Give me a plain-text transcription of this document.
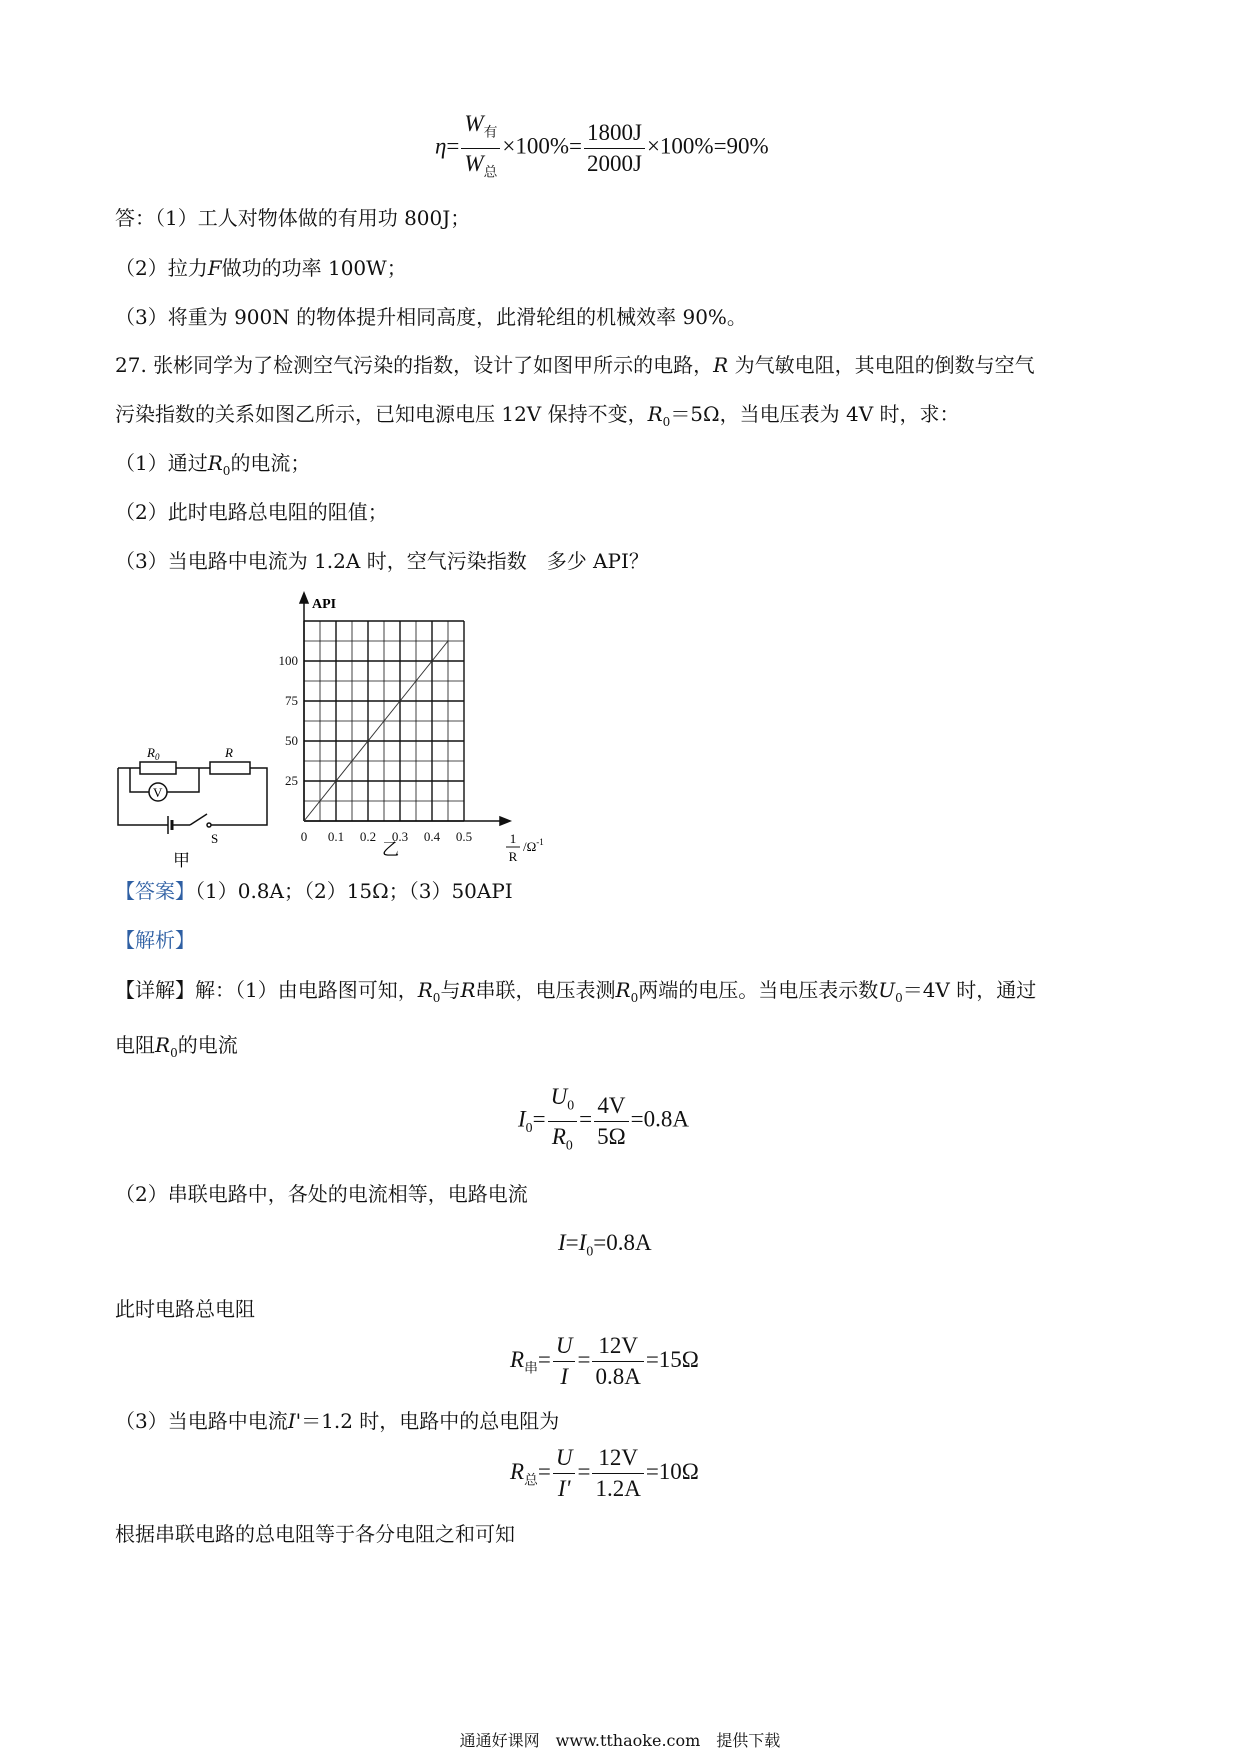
$\eta= \frac{W_有}{W_总} \times 100\%= \frac{1800J}{2000J} \times 100\%=90\%$
答：（1）工人对物体做的有用功 800J；
（2）拉力F做功的功率 100W；
（3）将重为 900N 的物体提升相同高度，此滑轮组的机械效率 90%。
27. 张彬同学为了检测空气污染的指数，设计了如图甲所示的电路，R 为气敏电阻，其电阻的倒数与空气
污染指数的关系如图乙所示，已知电源电压 12V 保持不变，$R_0=5\Omega$，当电压表为 4V 时，求：
（1）通过$R_0$的电流；
（2）此时电路总电阻的阻值；
（3）当电路中电流为 1.2A 时，空气污染指数　多少 API？
$R_0$	R
V
S
甲
0 0.1 0.2 0.3 0.4 0.5
25
50
75
100
API
1
R
$/\Omega^{-1}$
乙
【答案】（1）0.8A；（2）15Ω；（3）50API
【解析】
【详解】解：（1）由电路图可知，$R_0$与R串联，电压表测$R_0$两端的电压。当电压表示数$U_0=4V$ 时，通过
电阻$R_0$的电流
$I_0= \frac{U_0}{R_0} = \frac{4V}{5\Omega} =0.8A$
（2）串联电路中，各处的电流相等，电路电流
$I=I_0=0.8A$
此时电路总电阻
$R_串= \frac{U}{I} = \frac{12V}{0.8A} =15\Omega$
（3）当电路中电流I'＝1.2 时，电路中的总电阻为
$R_总= \frac{U}{I'} = \frac{12V}{1.2A} =10\Omega$
根据串联电路的总电阻等于各分电阻之和可知
通通好课网　www.tthaoke.com　提供下载
